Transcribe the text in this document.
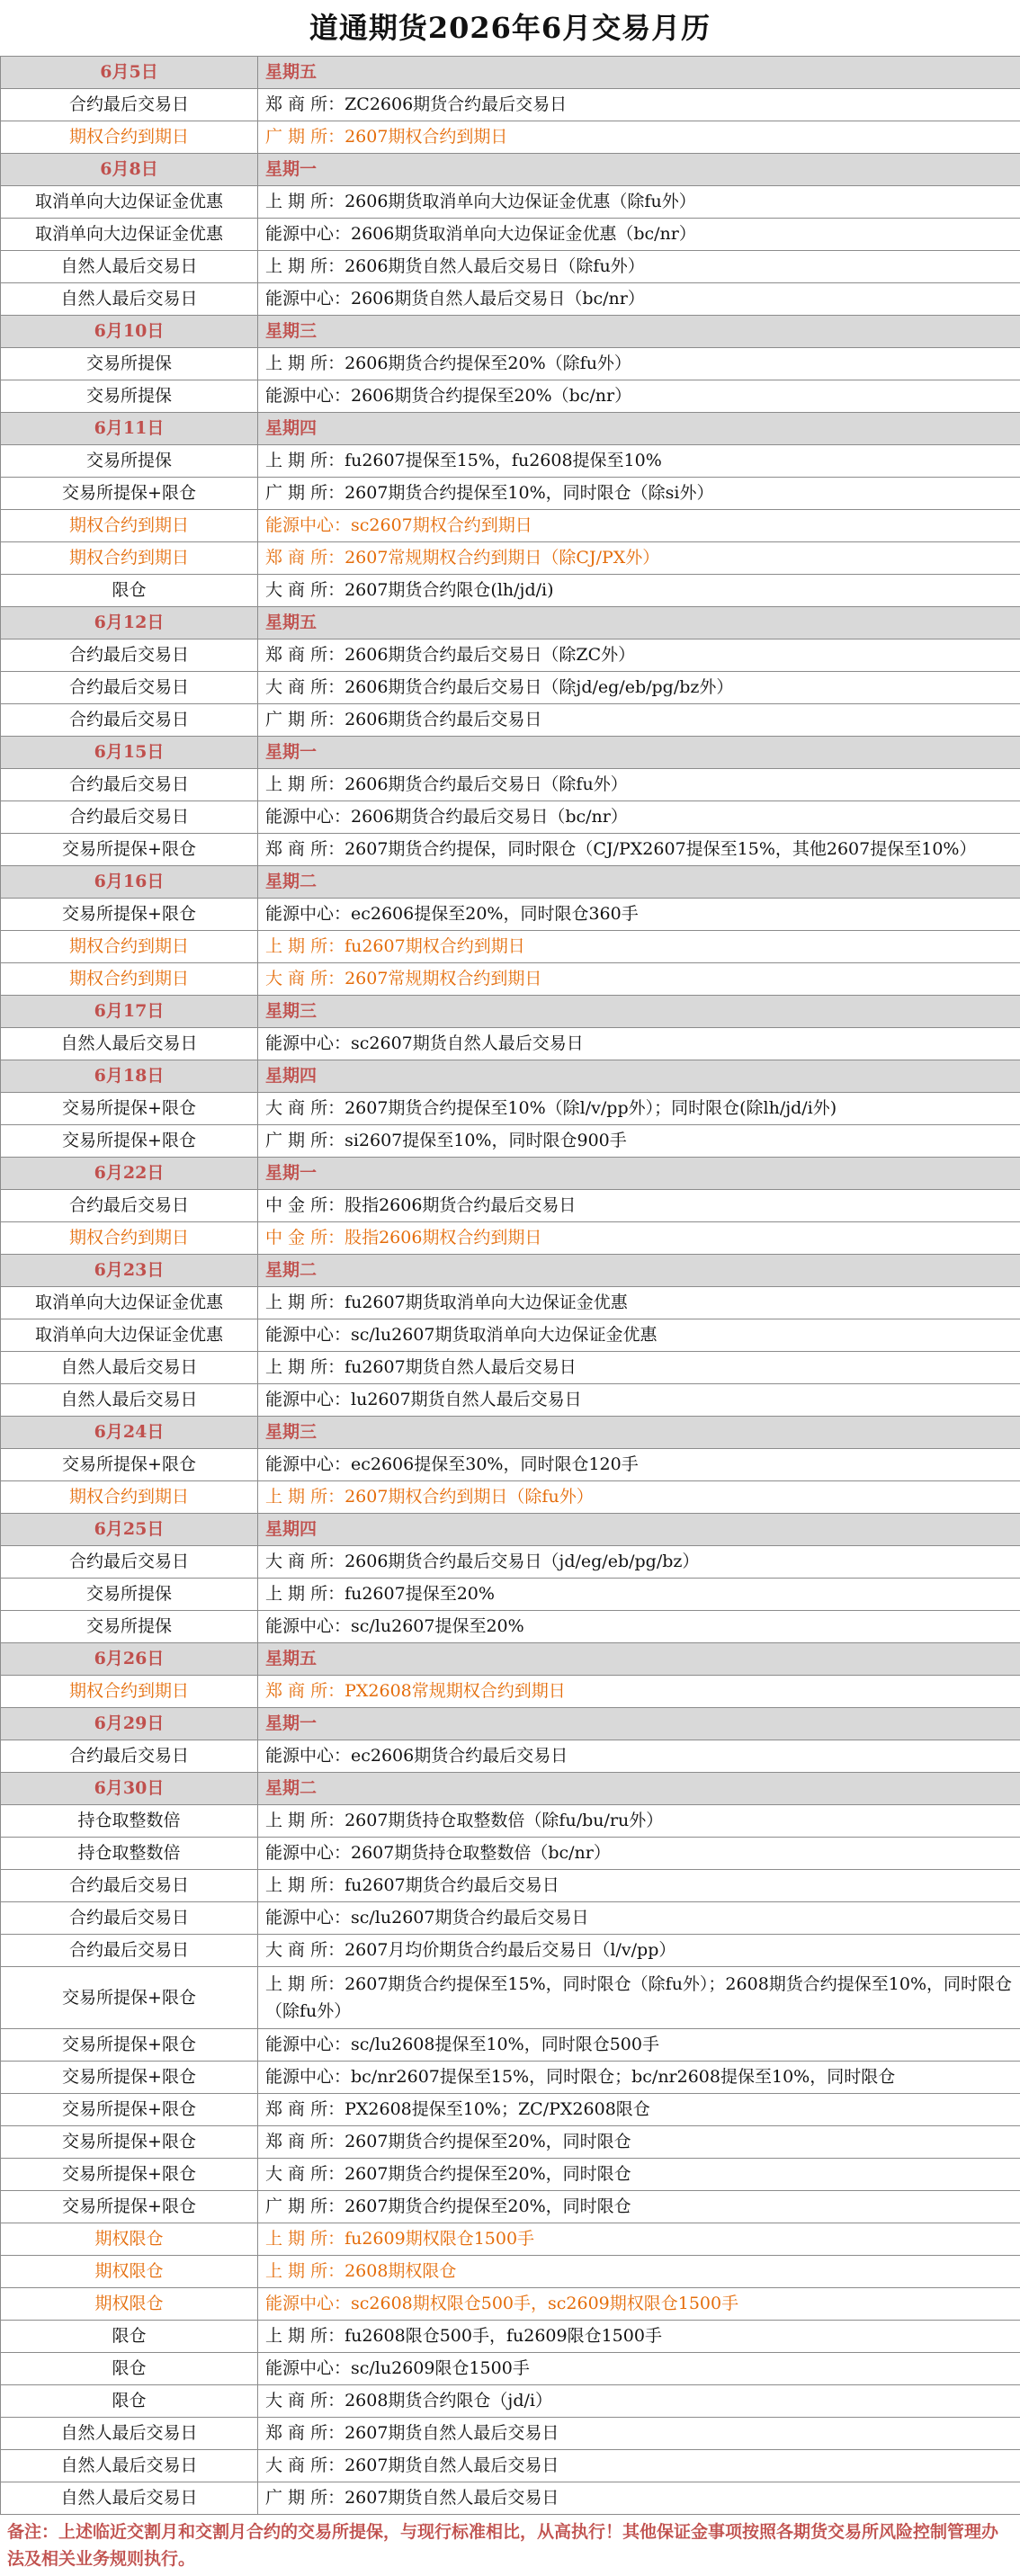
道通期货2026年6月交易月历
6月5日	星期五
合约最后交易日	郑 商 所：ZC2606期货合约最后交易日
期权合约到期日	广 期 所：2607期权合约到期日
6月8日	星期一
取消单向大边保证金优惠	上 期 所：2606期货取消单向大边保证金优惠（除fu外）
取消单向大边保证金优惠	能源中心：2606期货取消单向大边保证金优惠（bc/nr）
自然人最后交易日	上 期 所：2606期货自然人最后交易日（除fu外）
自然人最后交易日	能源中心：2606期货自然人最后交易日（bc/nr）
6月10日	星期三
交易所提保	上 期 所：2606期货合约提保至20%（除fu外）
交易所提保	能源中心：2606期货合约提保至20%（bc/nr）
6月11日	星期四
交易所提保	上 期 所：fu2607提保至15%，fu2608提保至10%
交易所提保+限仓	广 期 所：2607期货合约提保至10%，同时限仓（除si外）
期权合约到期日	能源中心：sc2607期权合约到期日
期权合约到期日	郑 商 所：2607常规期权合约到期日（除CJ/PX外）
限仓	大 商 所：2607期货合约限仓(lh/jd/i)
6月12日	星期五
合约最后交易日	郑 商 所：2606期货合约最后交易日（除ZC外）
合约最后交易日	大 商 所：2606期货合约最后交易日（除jd/eg/eb/pg/bz外）
合约最后交易日	广 期 所：2606期货合约最后交易日
6月15日	星期一
合约最后交易日	上 期 所：2606期货合约最后交易日（除fu外）
合约最后交易日	能源中心：2606期货合约最后交易日（bc/nr）
交易所提保+限仓	郑 商 所：2607期货合约提保，同时限仓（CJ/PX2607提保至15%，其他2607提保至10%）
6月16日	星期二
交易所提保+限仓	能源中心：ec2606提保至20%，同时限仓360手
期权合约到期日	上 期 所：fu2607期权合约到期日
期权合约到期日	大 商 所：2607常规期权合约到期日
6月17日	星期三
自然人最后交易日	能源中心：sc2607期货自然人最后交易日
6月18日	星期四
交易所提保+限仓	大 商 所：2607期货合约提保至10%（除l/v/pp外）；同时限仓(除lh/jd/i外)
交易所提保+限仓	广 期 所：si2607提保至10%，同时限仓900手
6月22日	星期一
合约最后交易日	中 金 所：股指2606期货合约最后交易日
期权合约到期日	中 金 所：股指2606期权合约到期日
6月23日	星期二
取消单向大边保证金优惠	上 期 所：fu2607期货取消单向大边保证金优惠
取消单向大边保证金优惠	能源中心：sc/lu2607期货取消单向大边保证金优惠
自然人最后交易日	上 期 所：fu2607期货自然人最后交易日
自然人最后交易日	能源中心：lu2607期货自然人最后交易日
6月24日	星期三
交易所提保+限仓	能源中心：ec2606提保至30%，同时限仓120手
期权合约到期日	上 期 所：2607期权合约到期日（除fu外）
6月25日	星期四
合约最后交易日	大 商 所：2606期货合约最后交易日（jd/eg/eb/pg/bz）
交易所提保	上 期 所：fu2607提保至20%
交易所提保	能源中心：sc/lu2607提保至20%
6月26日	星期五
期权合约到期日	郑 商 所：PX2608常规期权合约到期日
6月29日	星期一
合约最后交易日	能源中心：ec2606期货合约最后交易日
6月30日	星期二
持仓取整数倍	上 期 所：2607期货持仓取整数倍（除fu/bu/ru外）
持仓取整数倍	能源中心：2607期货持仓取整数倍（bc/nr）
合约最后交易日	上 期 所：fu2607期货合约最后交易日
合约最后交易日	能源中心：sc/lu2607期货合约最后交易日
合约最后交易日	大 商 所：2607月均价期货合约最后交易日（l/v/pp）
交易所提保+限仓	上 期 所：2607期货合约提保至15%，同时限仓（除fu外）；2608期货合约提保至10%，同时限仓（除fu外）
交易所提保+限仓	能源中心：sc/lu2608提保至10%，同时限仓500手
交易所提保+限仓	能源中心：bc/nr2607提保至15%，同时限仓；bc/nr2608提保至10%，同时限仓
交易所提保+限仓	郑 商 所：PX2608提保至10%；ZC/PX2608限仓
交易所提保+限仓	郑 商 所：2607期货合约提保至20%，同时限仓
交易所提保+限仓	大 商 所：2607期货合约提保至20%，同时限仓
交易所提保+限仓	广 期 所：2607期货合约提保至20%，同时限仓
期权限仓	上 期 所：fu2609期权限仓1500手
期权限仓	上 期 所：2608期权限仓
期权限仓	能源中心：sc2608期权限仓500手，sc2609期权限仓1500手
限仓	上 期 所：fu2608限仓500手，fu2609限仓1500手
限仓	能源中心：sc/lu2609限仓1500手
限仓	大 商 所：2608期货合约限仓（jd/i）
自然人最后交易日	郑 商 所：2607期货自然人最后交易日
自然人最后交易日	大 商 所：2607期货自然人最后交易日
自然人最后交易日	广 期 所：2607期货自然人最后交易日
备注：上述临近交割月和交割月合约的交易所提保，与现行标准相比，从高执行！其他保证金事项按照各期货交易所风险控制管理办法及相关业务规则执行。
